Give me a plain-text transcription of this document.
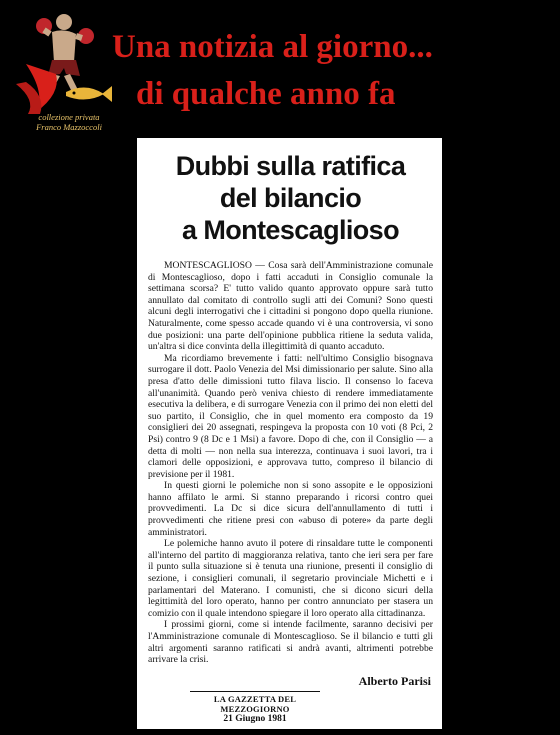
collezione privata
Franco Mazzoccoli
Una notizia al giorno...
di qualche anno fa
Dubbi sulla ratifica
del bilancio
a Montescaglioso

MONTESCAGLIOSO — Cosa sarà dell'Amministrazione comunale di Montescaglioso, dopo i fatti accaduti in Consiglio comunale la settimana scorsa? E' tutto valido quanto approvato oppure sarà tutto annullato dal comitato di controllo sugli atti dei Comuni? Sono questi alcuni degli interrogativi che i cittadini si pongono dopo quella riunione. Naturalmente, come spesso accade quando vi è una controversia, vi sono due posizioni: una parte dell'opinione pubblica ritiene la seduta valida, un'altra si dice convinta della illegittimità di quanto accaduto.

Ma ricordiamo brevemente i fatti: nell'ultimo Consiglio bisognava surrogare il dott. Paolo Venezia del Msi dimissionario per salute. Sino alla presa d'atto delle dimissioni tutto filava liscio. Il consenso lo faceva all'unanimità. Quando però veniva chiesto di rendere immediatamente esecutiva la delibera, e di surrogare Venezia con il primo dei non eletti del suo partito, il Consiglio, che in quel momento era composto da 19 consiglieri dei 20 assegnati, respingeva la proposta con 10 voti (8 Pci, 2 Psi) contro 9 (8 Dc e 1 Msi) a favore. Dopo di che, con il Consiglio — a detta di molti — non nella sua interezza, continuava i suoi lavori, tra i clamori delle opposizioni, e approvava tutto, compreso il bilancio di previsione per il 1981.

In questi giorni le polemiche non si sono assopite e le opposizioni hanno affilato le armi. Si stanno preparando i ricorsi contro quei provvedimenti. La Dc si dice sicura dell'annullamento di tutti i provvedimenti che ritiene presi con «abuso di potere» da parte degli amministratori.

Le polemiche hanno avuto il potere di rinsaldare tutte le componenti all'interno del partito di maggioranza relativa, tanto che ieri sera per fare il punto sulla situazione si è tenuta una riunione, presenti il consiglio di sezione, i consiglieri comunali, il segretario provinciale Michetti e i parlamentari del Materano. I comunisti, che si dicono sicuri della legittimità del loro operato, hanno per contro annunciato per stasera un comizio con il quale intendono spiegare il loro operato alla cittadinanza.

I prossimi giorni, come si intende facilmente, saranno decisivi per l'Amministrazione comunale di Montescaglioso. Se il bilancio e tutti gli altri argomenti saranno ratificati si andrà avanti, altrimenti potrebbe arrivare la crisi.

Alberto Parisi
LA GAZZETTA DEL MEZZOGIORNO
21 Giugno 1981
